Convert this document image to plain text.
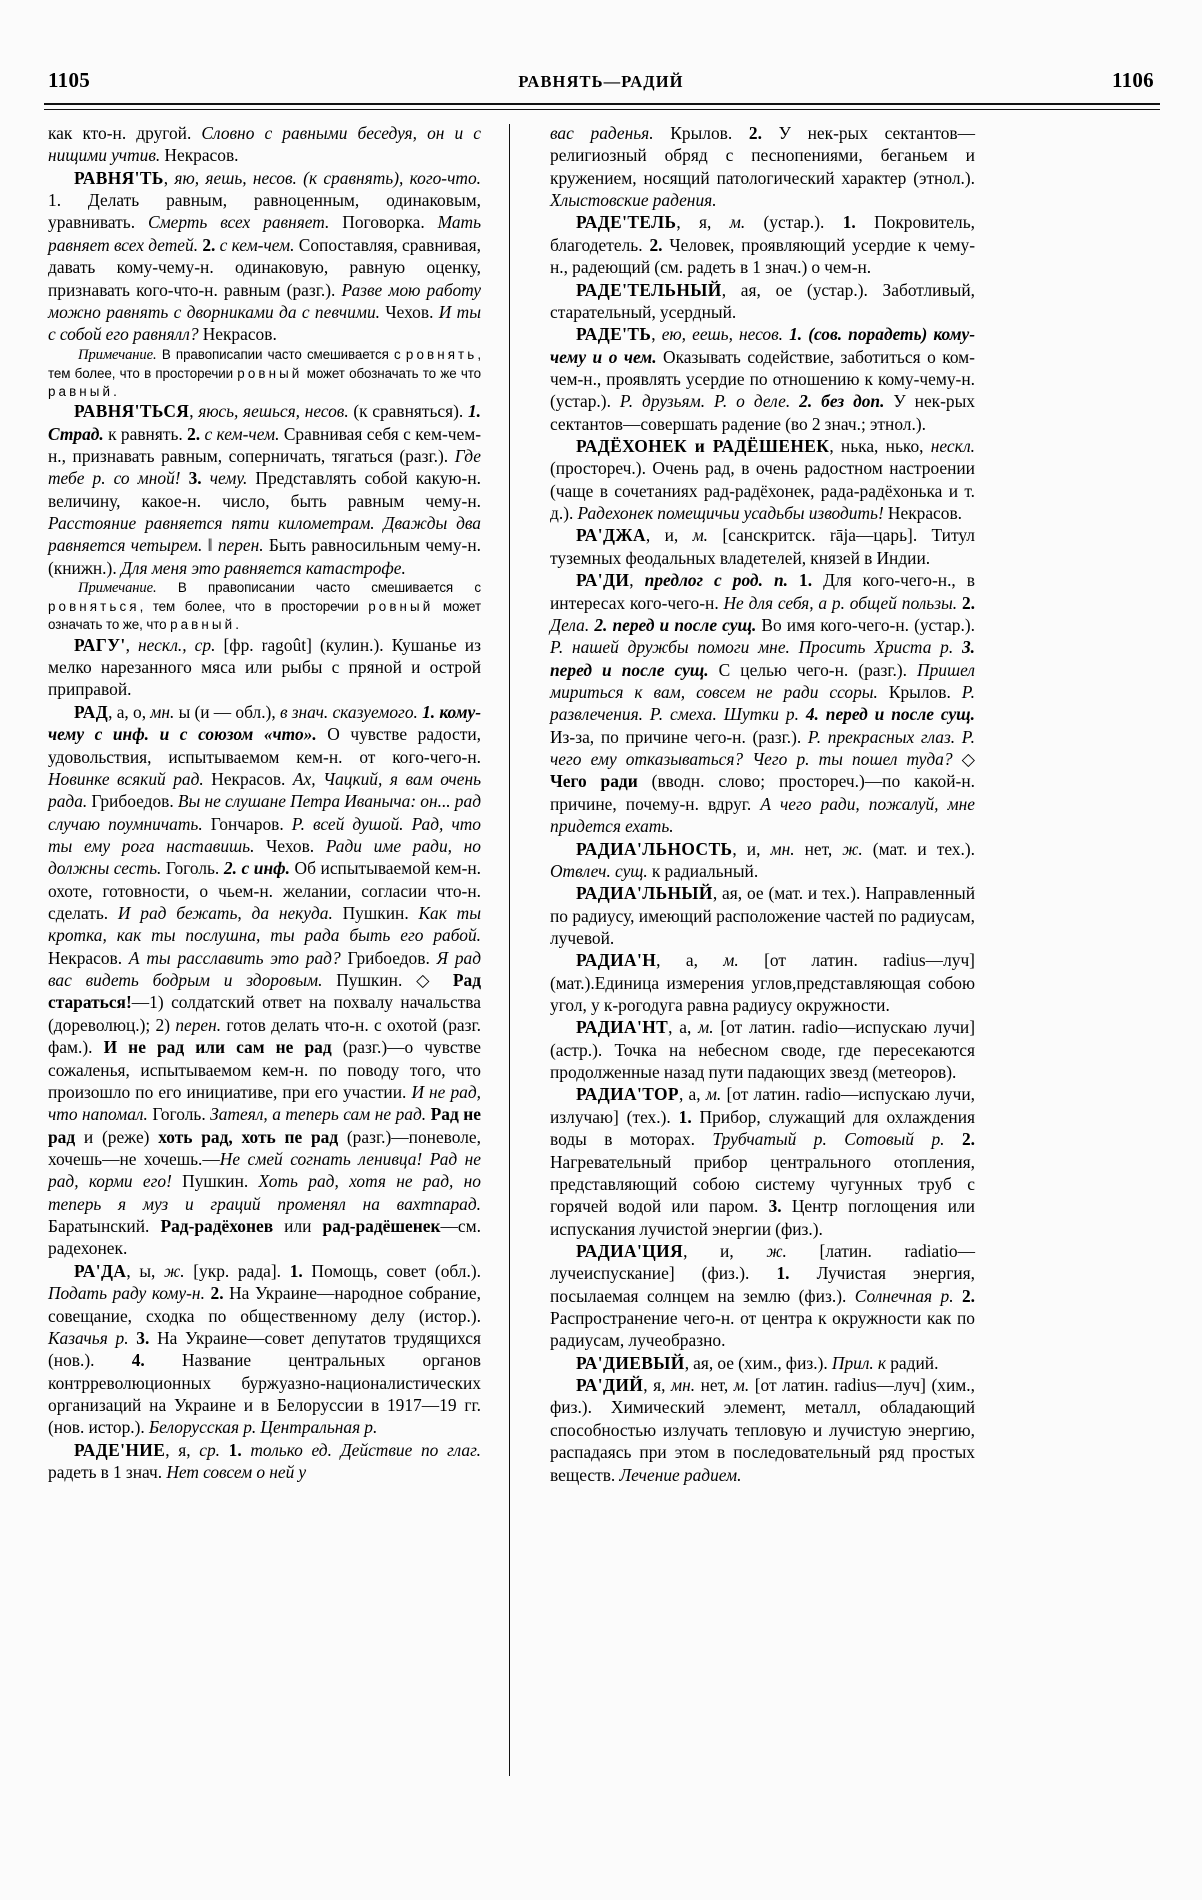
1105	РАВНЯТЬ—РАДИЙ	1106

как кто-н. другой. Словно с равными беседуя, он и с нищими учтив. Некрасов.

РАВНЯ'ТЬ, яю, яешь, несов. (к сравнять), кого-что. 1. Делать равным, равноценным, одинаковым, уравнивать. Смерть всех равняет. Поговорка. Мать равняет всех детей. 2. с кем-чем. Сопоставляя, сравнивая, давать кому-чему-н. одинаковую, равную оценку, признавать кого-что-н. равным (разг.). Разве мою работу можно равнять с дворниками да с певчими. Чехов. И ты с собой его равнялл? Некрасов.

Примечание. В правописапии часто смешивается с ровнять, тем более, что в просторечии ровный может обозначать то же что равный.

РАВНЯ'ТЬСЯ, яюсь, яешься, несов. (к сравняться). 1. Страд. к равнять. 2. с кем-чем. Сравнивая себя с кем-чем-н., признавать равным, соперничать, тягаться (разг.). Где тебе р. со мной! 3. чему. Представлять собой какую-н. величину, какое-н. число, быть равным чему-н. Расстояние равняется пяти километрам. Дважды два равняется четырем. ‖ перен. Быть равносильным чему-н. (книжн.). Для меня это равняется катастрофе.

Примечание. В правописании часто смешивается с ровняться, тем более, что в просторечии ровный может означать то же, что равный.

РАГУ', нескл., ср. [фр. ragoût] (кулин.). Кушанье из мелко нарезанного мяса или рыбы с пряной и острой приправой.

РАД, а, о, мн. ы (и — обл.), в знач. сказуемого. 1. кому-чему с инф. и с союзом «что». О чувстве радости, удовольствия, испытываемом кем-н. от кого-чего-н. Новинке всякий рад. Некрасов. Ах, Чацкий, я вам очень рада. Грибоедов. Вы не слушане Петра Иваныча: он... рад случаю поумничать. Гончаров. Р. всей душой. Рад, что ты ему рога наставишь. Чехов. Ради име ради, но должны сесть. Гоголь. 2. с инф. Об испытываемой кем-н. охоте, готовности, о чьем-н. желании, согласии что-н. сделать. И рад бежать, да некуда. Пушкин. Как ты кротка, как ты послушна, ты рада быть его рабой. Некрасов. А ты расславить это рад? Грибоедов. Я рад вас видеть бодрым и здоровым. Пушкин. ◇ Рад стараться!—1) солдатский ответ на похвалу начальства (дореволюц.); 2) перен. готов делать что-н. с охотой (разг. фам.). И не рад или сам не рад (разг.)—о чувстве сожаленья, испытываемом кем-н. по поводу того, что произошло по его инициативе, при его участии. И не рад, что напомал. Гоголь. Затеял, а теперь сам не рад. Рад не рад и (реже) хоть рад, хоть пе рад (разг.)—поневоле, хочешь—не хочешь.—Не смей согнать ленивца! Рад не рад, корми его! Пушкин. Хоть рад, хотя не рад, но теперь я муз и граций променял на вахтпарад. Баратынский. Рад-радёхонев или рад-радёшенек—см. радехонек.

РА'ДА, ы, ж. [укр. рада]. 1. Помощь, совет (обл.). Подать раду кому-н. 2. На Украине—народное собрание, совещание, сходка по общественному делу (истор.). Казачья р. 3. На Украине—совет депутатов трудящихся (нов.). 4. Название центральных органов контрреволюционных буржуазно-националистических организаций на Украине и в Белоруссии в 1917—19 гг. (нов. истор.). Белорусская р. Центральная р.

РАДЕ'НИЕ, я, ср. 1. только ед. Действие по глаг. радеть в 1 знач. Нет совсем о ней у

вас раденья. Крылов. 2. У нек-рых сектантов—религиозный обряд с песнопениями, беганьем и кружением, носящий патологический характер (этнол.). Хлыстовские радения.

РАДЕ'ТЕЛЬ, я, м. (устар.). 1. Покровитель, благодетель. 2. Человек, проявляющий усердие к чему-н., радеющий (см. радеть в 1 знач.) о чем-н.

РАДЕ'ТЕЛЬНЫЙ, ая, ое (устар.). Заботливый, старательный, усердный.

РАДЕ'ТЬ, ею, еешь, несов. 1. (сов. порадеть) кому-чему и о чем. Оказывать содействие, заботиться о ком-чем-н., проявлять усердие по отношению к кому-чему-н. (устар.). Р. друзьям. Р. о деле. 2. без доп. У нек-рых сектантов—совершать радение (во 2 знач.; этнол.).

РАДЁХОНЕК и РАДЁШЕНЕК, нька, нько, нескл. (простореч.). Очень рад, в очень радостном настроении (чаще в сочетаниях рад-радёхонек, рада-радёхонька и т. д.). Радехонек помещичьи усадьбы изводить! Некрасов.

РА'ДЖА, и, м. [санскритск. rāja—царь]. Титул туземных феодальных владетелей, князей в Индии.

РА'ДИ, предлог с род. п. 1. Для кого-чего-н., в интересах кого-чего-н. Не для себя, а р. общей пользы. 2. Дела. 2. перед и после сущ. Во имя кого-чего-н. (устар.). Р. нашей дружбы помоги мне. Просить Христа р. 3. перед и после сущ. С целью чего-н. (разг.). Пришел мириться к вам, совсем не ради ссоры. Крылов. Р. развлечения. Р. смеха. Шутки р. 4. перед и после сущ. Из-за, по причине чего-н. (разг.). Р. прекрасных глаз. Р. чего ему отказываться? Чего р. ты пошел туда? ◇ Чего ради (вводн. слово; простореч.)—по какой-н. причине, почему-н. вдруг. А чего ради, пожалуй, мне придется ехать.

РАДИА'ЛЬНОСТЬ, и, мн. нет, ж. (мат. и тех.). Отвлеч. сущ. к радиальный.

РАДИА'ЛЬНЫЙ, ая, ое (мат. и тех.). Направленный по радиусу, имеющий расположение частей по радиусам, лучевой.

РАДИА'Н, а, м. [от латин. radius—луч] (мат.).Единица измерения углов,представляющая собою угол, у к-рогодуга равна радиусу окружности.

РАДИА'НТ, а, м. [от латин. radio—испускаю лучи] (астр.). Точка на небесном своде, где пересекаются продолженные назад пути падающих звезд (метеоров).

РАДИА'ТОР, а, м. [от латин. radio—испускаю лучи, излучаю] (тех.). 1. Прибор, служащий для охлаждения воды в моторах. Трубчатый р. Сотовый р. 2. Нагревательный прибор центрального отопления, представляющий собою систему чугунных труб с горячей водой или паром. 3. Центр поглощения или испускания лучистой энергии (физ.).

РАДИА'ЦИЯ, и, ж. [латин. radiatio—лучеиспускание] (физ.). 1. Лучистая энергия, посылаемая солнцем на землю (физ.). Солнечная р. 2. Распространение чего-н. от центра к окружности как по радиусам, лучеобразно.

РА'ДИЕВЫЙ, ая, ое (хим., физ.). Прил. к радий.

РА'ДИЙ, я, мн. нет, м. [от латин. radius—луч] (хим., физ.). Химический элемент, металл, обладающий способностью излучать тепловую и лучистую энергию, распадаясь при этом в последовательный ряд простых веществ. Лечение радием.
